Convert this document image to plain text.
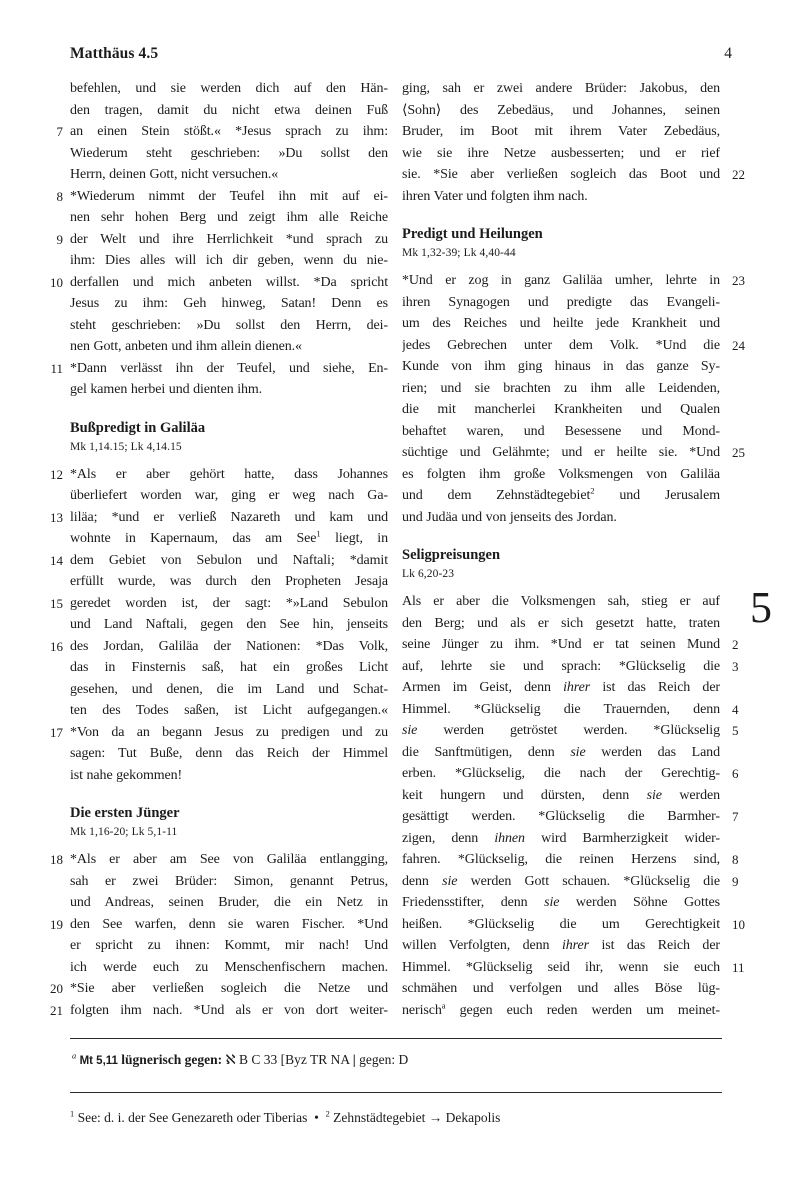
Matthäus 4.5	4
befehlen, und sie werden dich auf den Hän-
den tragen, damit du nicht etwa deinen Fuß
an einen Stein stößt.« *Jesus sprach zu ihm:
7
Wiederum steht geschrieben: »Du sollst den
Herrn, deinen Gott, nicht versuchen.«
*Wiederum nimmt der Teufel ihn mit auf ei-
8
nen sehr hohen Berg und zeigt ihm alle Reiche
der Welt und ihre Herrlichkeit *und sprach zu
9
ihm: Dies alles will ich dir geben, wenn du nie-
derfallen und mich anbeten willst. *Da spricht
10
Jesus zu ihm: Geh hinweg, Satan! Denn es
steht geschrieben: »Du sollst den Herrn, dei-
nen Gott, anbeten und ihm allein dienen.«
*Dann verlässt ihn der Teufel, und siehe, En-
11
gel kamen herbei und dienten ihm.
Bußpredigt in Galiläa
Mk 1,14.15; Lk 4,14.15
*Als er aber gehört hatte, dass Johannes
12
überliefert worden war, ging er weg nach Ga-
liläa; *und er verließ Nazareth und kam und
13
wohnte in Kapernaum, das am See$^1$ liegt, in
dem Gebiet von Sebulon und Naftali; *damit
14
erfüllt wurde, was durch den Propheten Jesaja
geredet worden ist, der sagt: *»Land Sebulon
15
und Land Naftali, gegen den See hin, jenseits
des Jordan, Galiläa der Nationen: *Das Volk,
16
das in Finsternis saß, hat ein großes Licht
gesehen, und denen, die im Land und Schat-
ten des Todes saßen, ist Licht aufgegangen.«
*Von da an begann Jesus zu predigen und zu
17
sagen: Tut Buße, denn das Reich der Himmel
ist nahe gekommen!
Die ersten Jünger
Mk 1,16-20; Lk 5,1-11
*Als er aber am See von Galiläa entlangging,
18
sah er zwei Brüder: Simon, genannt Petrus,
und Andreas, seinen Bruder, die ein Netz in
den See warfen, denn sie waren Fischer. *Und
19
er spricht zu ihnen: Kommt, mir nach! Und
ich werde euch zu Menschenfischern machen.
*Sie aber verließen sogleich die Netze und
20
folgten ihm nach. *Und als er von dort weiter-
21
ging, sah er zwei andere Brüder: Jakobus, den
⟨Sohn⟩ des Zebedäus, und Johannes, seinen
Bruder, im Boot mit ihrem Vater Zebedäus,
wie sie ihre Netze ausbesserten; und er rief
sie. *Sie aber verließen sogleich das Boot und 22
ihren Vater und folgten ihm nach.
Predigt und Heilungen
Mk 1,32-39; Lk 4,40-44
*Und er zog in ganz Galiläa umher, lehrte in 23
ihren Synagogen und predigte das Evangeli-
um des Reiches und heilte jede Krankheit und
jedes Gebrechen unter dem Volk. *Und die 24
Kunde von ihm ging hinaus in das ganze Sy-
rien; und sie brachten zu ihm alle Leidenden,
die mit mancherlei Krankheiten und Qualen
behaftet waren, und Besessene und Mond-
süchtige und Gelähmte; und er heilte sie. *Und 25
es folgten ihm große Volksmengen von Galiläa
und dem Zehnstädtegebiet$^2$ und Jerusalem
und Judäa und von jenseits des Jordan.
Seligpreisungen
Lk 6,20-23
Als er aber die Volksmengen sah, stieg er auf 5
den Berg; und als er sich gesetzt hatte, traten
seine Jünger zu ihm. *Und er tat seinen Mund 2
auf, lehrte sie und sprach: *Glückselig die 3
Armen im Geist, denn ihrer ist das Reich der
Himmel. *Glückselig die Trauernden, denn 4
sie werden getröstet werden. *Glückselig 5
die Sanftmütigen, denn sie werden das Land
erben. *Glückselig, die nach der Gerechtig- 6
keit hungern und dürsten, denn sie werden
gesättigt werden. *Glückselig die Barmher- 7
zigen, denn ihnen wird Barmherzigkeit wider-
fahren. *Glückselig, die reinen Herzens sind, 8
denn sie werden Gott schauen. *Glückselig die 9
Friedensstifter, denn sie werden Söhne Gottes
heißen. *Glückselig die um Gerechtigkeit 10
willen Verfolgten, denn ihrer ist das Reich der
Himmel. *Glückselig seid ihr, wenn sie euch 11
schmähen und verfolgen und alles Böse lüg-
nerisch$^a$ gegen euch reden werden um meinet-
$^a$ Mt 5,11 lügnerisch gegen: ℵ B C 33 [Byz TR NA | gegen: D
$^1$ See: d. i. der See Genezareth oder Tiberias  •  $^2$ Zehnstädtegebiet → Dekapolis
